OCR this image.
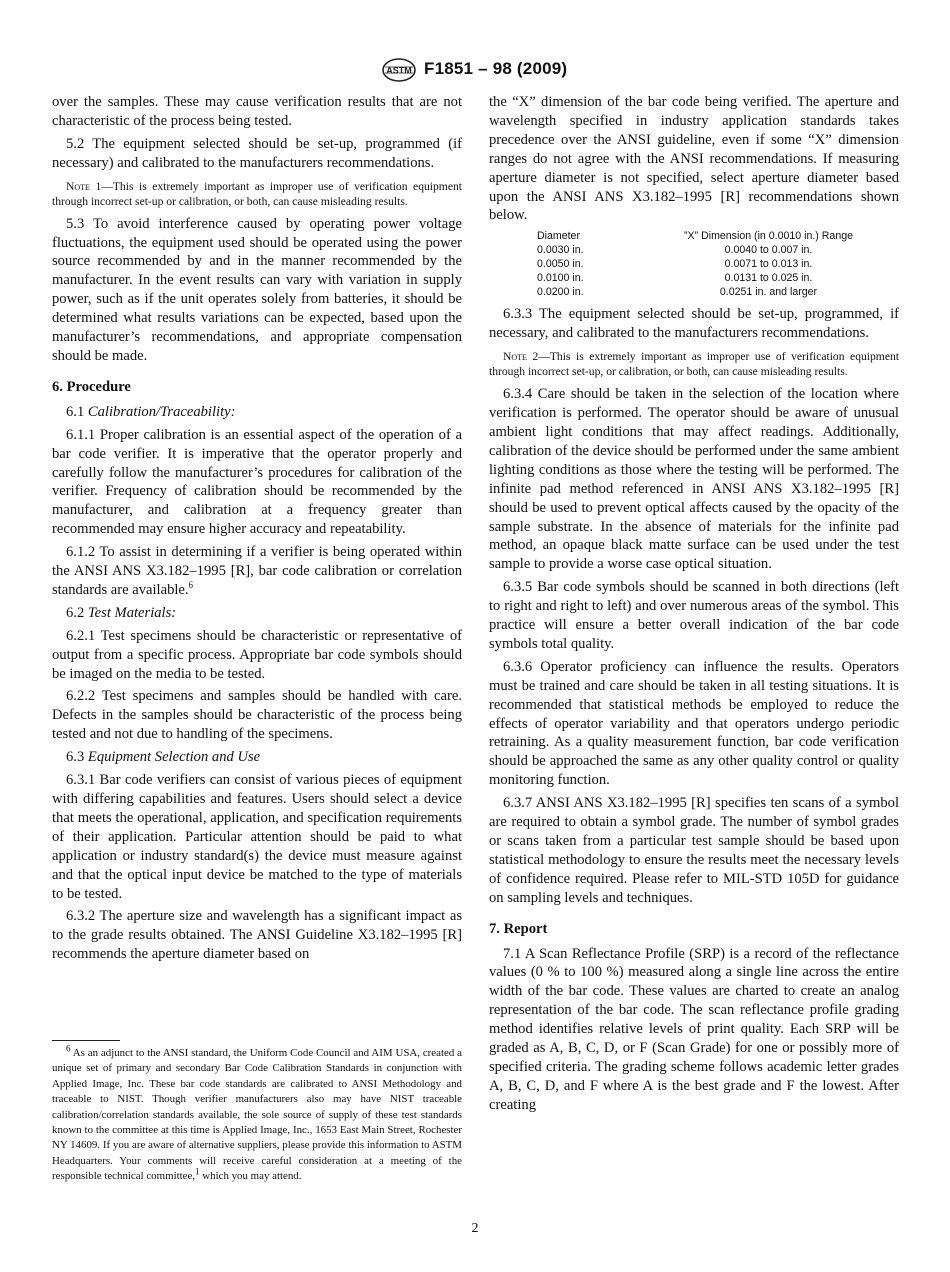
ASTM F1851 – 98 (2009)

over the samples. These may cause verification results that are not characteristic of the process being tested.

5.2 The equipment selected should be set-up, programmed (if necessary) and calibrated to the manufacturers recommendations.

Note 1—This is extremely important as improper use of verification equipment through incorrect set-up or calibration, or both, can cause misleading results.

5.3 To avoid interference caused by operating power voltage fluctuations, the equipment used should be operated using the power source recommended by and in the manner recommended by the manufacturer. In the event results can vary with variation in supply power, such as if the unit operates solely from batteries, it should be determined what results variations can be expected, based upon the manufacturer’s recommendations, and appropriate compensation should be made.

6. Procedure

6.1 Calibration/Traceability:

6.1.1 Proper calibration is an essential aspect of the operation of a bar code verifier. It is imperative that the operator properly and carefully follow the manufacturer’s procedures for calibration of the verifier. Frequency of calibration should be recommended by the manufacturer, and calibration at a frequency greater than recommended may ensure higher accuracy and repeatability.

6.1.2 To assist in determining if a verifier is being operated within the ANSI ANS X3.182–1995 [R], bar code calibration or correlation standards are available.$^6$

6.2 Test Materials:

6.2.1 Test specimens should be characteristic or representative of output from a specific process. Appropriate bar code symbols should be imaged on the media to be tested.

6.2.2 Test specimens and samples should be handled with care. Defects in the samples should be characteristic of the process being tested and not due to handling of the specimens.

6.3 Equipment Selection and Use

6.3.1 Bar code verifiers can consist of various pieces of equipment with differing capabilities and features. Users should select a device that meets the operational, application, and specification requirements of their application. Particular attention should be paid to what application or industry standard(s) the device must measure against and that the optical input device be matched to the type of materials to be tested.

6.3.2 The aperture size and wavelength has a significant impact as to the grade results obtained. The ANSI Guideline X3.182–1995 [R] recommends the aperture diameter based on

$^6$ As an adjunct to the ANSI standard, the Uniform Code Council and AIM USA, created a unique set of primary and secondary Bar Code Calibration Standards in conjunction with Applied Image, Inc. These bar code standards are calibrated to ANSI Methodology and traceable to NIST. Though verifier manufacturers also may have NIST traceable calibration/correlation standards available, the sole source of supply of these test standards known to the committee at this time is Applied Image, Inc., 1653 East Main Street, Rochester NY 14609. If you are aware of alternative suppliers, please provide this information to ASTM Headquarters. Your comments will receive careful consideration at a meeting of the responsible technical committee,$^1$ which you may attend.

the “X” dimension of the bar code being verified. The aperture and wavelength specified in industry application standards takes precedence over the ANSI guideline, even if some “X” dimension ranges do not agree with the ANSI recommendations. If measuring aperture diameter is not specified, select aperture diameter based upon the ANSI ANS X3.182–1995 [R] recommendations shown below.

Diameter	”X” Dimension (in 0.0010 in.) Range
0.0030 in.	0.0040 to 0.007 in.
0.0050 in.	0.0071 to 0.013 in.
0.0100 in.	0.0131 to 0.025 in.
0.0200 in.	0.0251 in. and larger

6.3.3 The equipment selected should be set-up, programmed, if necessary, and calibrated to the manufacturers recommendations.

Note 2—This is extremely important as improper use of verification equipment through incorrect set-up, or calibration, or both, can cause misleading results.

6.3.4 Care should be taken in the selection of the location where verification is performed. The operator should be aware of unusual ambient light conditions that may affect readings. Additionally, calibration of the device should be performed under the same ambient lighting conditions as those where the testing will be performed. The infinite pad method referenced in ANSI ANS X3.182–1995 [R] should be used to prevent optical affects caused by the opacity of the sample substrate. In the absence of materials for the infinite pad method, an opaque black matte surface can be used under the test sample to provide a worse case optical situation.

6.3.5 Bar code symbols should be scanned in both directions (left to right and right to left) and over numerous areas of the symbol. This practice will ensure a better overall indication of the bar code symbols total quality.

6.3.6 Operator proficiency can influence the results. Operators must be trained and care should be taken in all testing situations. It is recommended that statistical methods be employed to reduce the effects of operator variability and that operators undergo periodic retraining. As a quality measurement function, bar code verification should be approached the same as any other quality control or quality monitoring function.

6.3.7 ANSI ANS X3.182–1995 [R] specifies ten scans of a symbol are required to obtain a symbol grade. The number of symbol grades or scans taken from a particular test sample should be based upon statistical methodology to ensure the results meet the necessary levels of confidence required. Please refer to MIL-STD 105D for guidance on sampling levels and techniques.

7. Report

7.1 A Scan Reflectance Profile (SRP) is a record of the reflectance values (0 % to 100 %) measured along a single line across the entire width of the bar code. These values are charted to create an analog representation of the bar code. The scan reflectance profile grading method identifies relative levels of print quality. Each SRP will be graded as A, B, C, D, or F (Scan Grade) for one or possibly more of specified criteria. The grading scheme follows academic letter grades A, B, C, D, and F where A is the best grade and F the lowest. After creating

2
